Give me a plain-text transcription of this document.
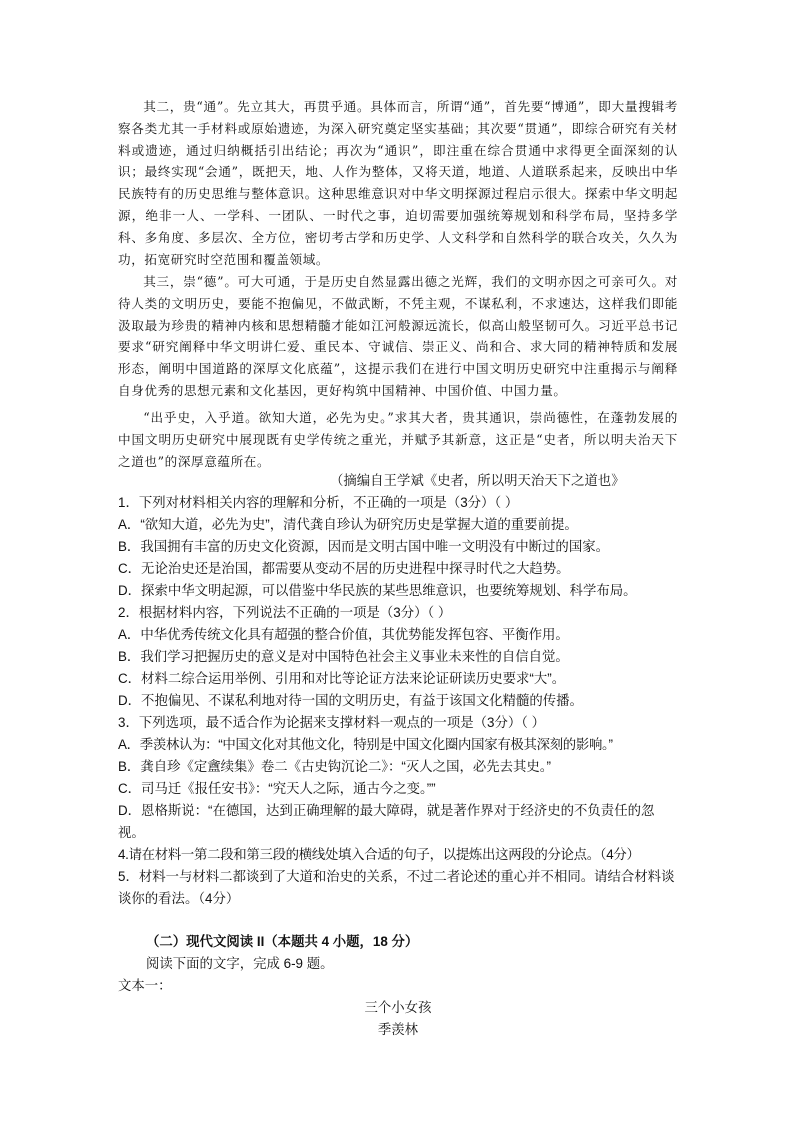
其二，贵“通”。先立其大，再贯乎通。具体而言，所谓“通”，首先要“博通”，即大量搜辑考察各类尤其一手材料或原始遗迹，为深入研究奠定坚实基础；其次要“贯通”，即综合研究有关材料或遗迹，通过归纳概括引出结论；再次为“通识”，即注重在综合贯通中求得更全面深刻的认识；最终实现“会通”，既把天，地、人作为整体，又将天道，地道、人道联系起来，反映出中华民族特有的历史思维与整体意识。这种思维意识对中华文明探源过程启示很大。探索中华文明起源，绝非一人、一学科、一团队、一时代之事，迫切需要加强统筹规划和科学布局，坚持多学科、多角度、多层次、全方位，密切考古学和历史学、人文科学和自然科学的联合攻关，久久为功，拓宽研究时空范围和覆盖领域。
其三，崇“德”。可大可通，于是历史自然显露出德之光辉，我们的文明亦因之可亲可久。对待人类的文明历史，要能不抱偏见，不做武断，不凭主观，不谋私利，不求速达，这样我们即能汲取最为珍贵的精神内核和思想精髓才能如江河般源远流长，似高山般坚韧可久。习近平总书记要求“研究阐释中华文明讲仁爱、重民本、守诚信、崇正义、尚和合、求大同的精神特质和发展形态，阐明中国道路的深厚文化底蕴”，这提示我们在进行中国文明历史研究中注重揭示与阐释自身优秀的思想元素和文化基因，更好构筑中国精神、中国价值、中国力量。
“出乎史，入乎道。欲知大道，必先为史。”求其大者，贵其通识，崇尚德性，在蓬勃发展的中国文明历史研究中展现既有史学传统之重光，并赋予其新意，这正是“史者，所以明夫治天下之道也”的深厚意蕴所在。
（摘编自王学斌《史者，所以明天治天下之道也》
1．下列对材料相关内容的理解和分析，不正确的一项是（3分）（ ）
A．“欲知大道，必先为史”，清代龚自珍认为研究历史是掌握大道的重要前提。
B．我国拥有丰富的历史文化资源，因而是文明古国中唯一文明没有中断过的国家。
C．无论治史还是治国，都需要从变动不居的历史进程中探寻时代之大趋势。
D．探索中华文明起源，可以借鉴中华民族的某些思维意识，也要统筹规划、科学布局。
2．根据材料内容，下列说法不正确的一项是（3分）（ ）
A．中华优秀传统文化具有超强的整合价值，其优势能发挥包容、平衡作用。
B．我们学习把握历史的意义是对中国特色社会主义事业未来性的自信自觉。
C．材料二综合运用举例、引用和对比等论证方法来论证研读历史要求“大”。
D．不抱偏见、不谋私利地对待一国的文明历史，有益于该国文化精髓的传播。
3．下列选项，最不适合作为论据来支撑材料一观点的一项是（3分）（ ）
A．季羡林认为：“中国文化对其他文化，特别是中国文化圈内国家有极其深刻的影响。”
B．龚自珍《定盦续集》卷二《古史钩沉论二》：“灭人之国，必先去其史。”
C．司马迁《报任安书》：“究天人之际，通古今之变。””
D．恩格斯说：“在德国，达到正确理解的最大障碍，就是著作界对于经济史的不负责任的忽视。
4.请在材料一第二段和第三段的横线处填入合适的句子，以提炼出这两段的分论点。（4分）
5．材料一与材料二都谈到了大道和治史的关系，不过二者论述的重心并不相同。请结合材料谈谈你的看法。（4分）
（二）现代文阅读 II（本题共 4 小题，18 分）
阅读下面的文字，完成 6-9 题。
文本一：
三个小女孩
季羡林
